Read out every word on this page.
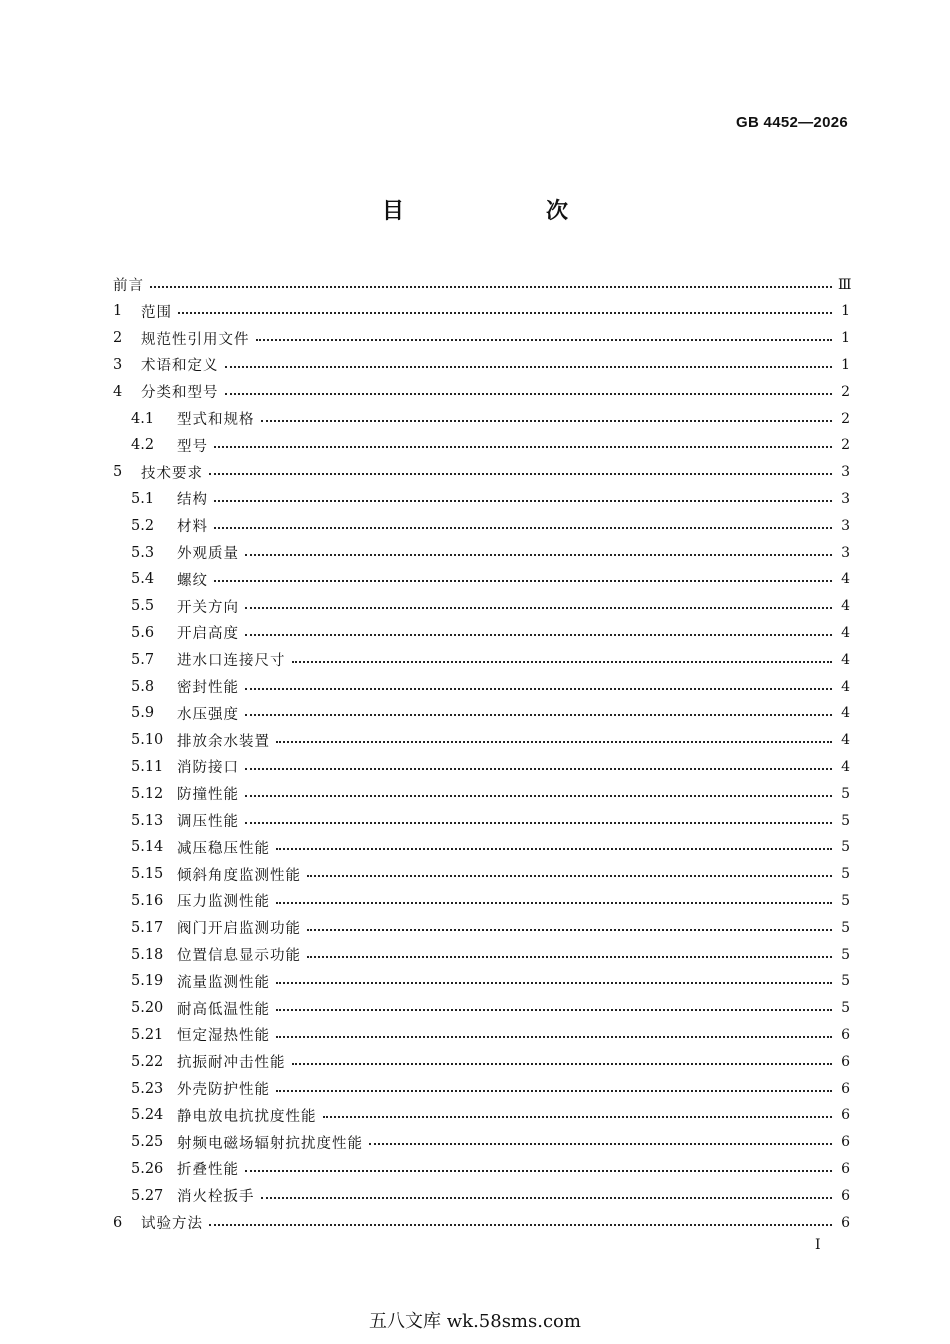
GB 4452—2026
目　次
前言	Ⅲ
1	范围	1
2	规范性引用文件	1
3	术语和定义	1
4	分类和型号	2
4.1	型式和规格	2
4.2	型号	2
5	技术要求	3
5.1	结构	3
5.2	材料	3
5.3	外观质量	3
5.4	螺纹	4
5.5	开关方向	4
5.6	开启高度	4
5.7	进水口连接尺寸	4
5.8	密封性能	4
5.9	水压强度	4
5.10 排放余水装置	4
5.11 消防接口	4
5.12 防撞性能	5
5.13 调压性能	5
5.14 减压稳压性能	5
5.15 倾斜角度监测性能	5
5.16 压力监测性能	5
5.17 阀门开启监测功能	5
5.18 位置信息显示功能	5
5.19 流量监测性能	5
5.20 耐高低温性能	5
5.21 恒定湿热性能	6
5.22 抗振耐冲击性能	6
5.23 外壳防护性能	6
5.24 静电放电抗扰度性能	6
5.25 射频电磁场辐射抗扰度性能	6
5.26 折叠性能	6
5.27 消火栓扳手	6
6	试验方法	6
I
五八文库 wk.58sms.com
